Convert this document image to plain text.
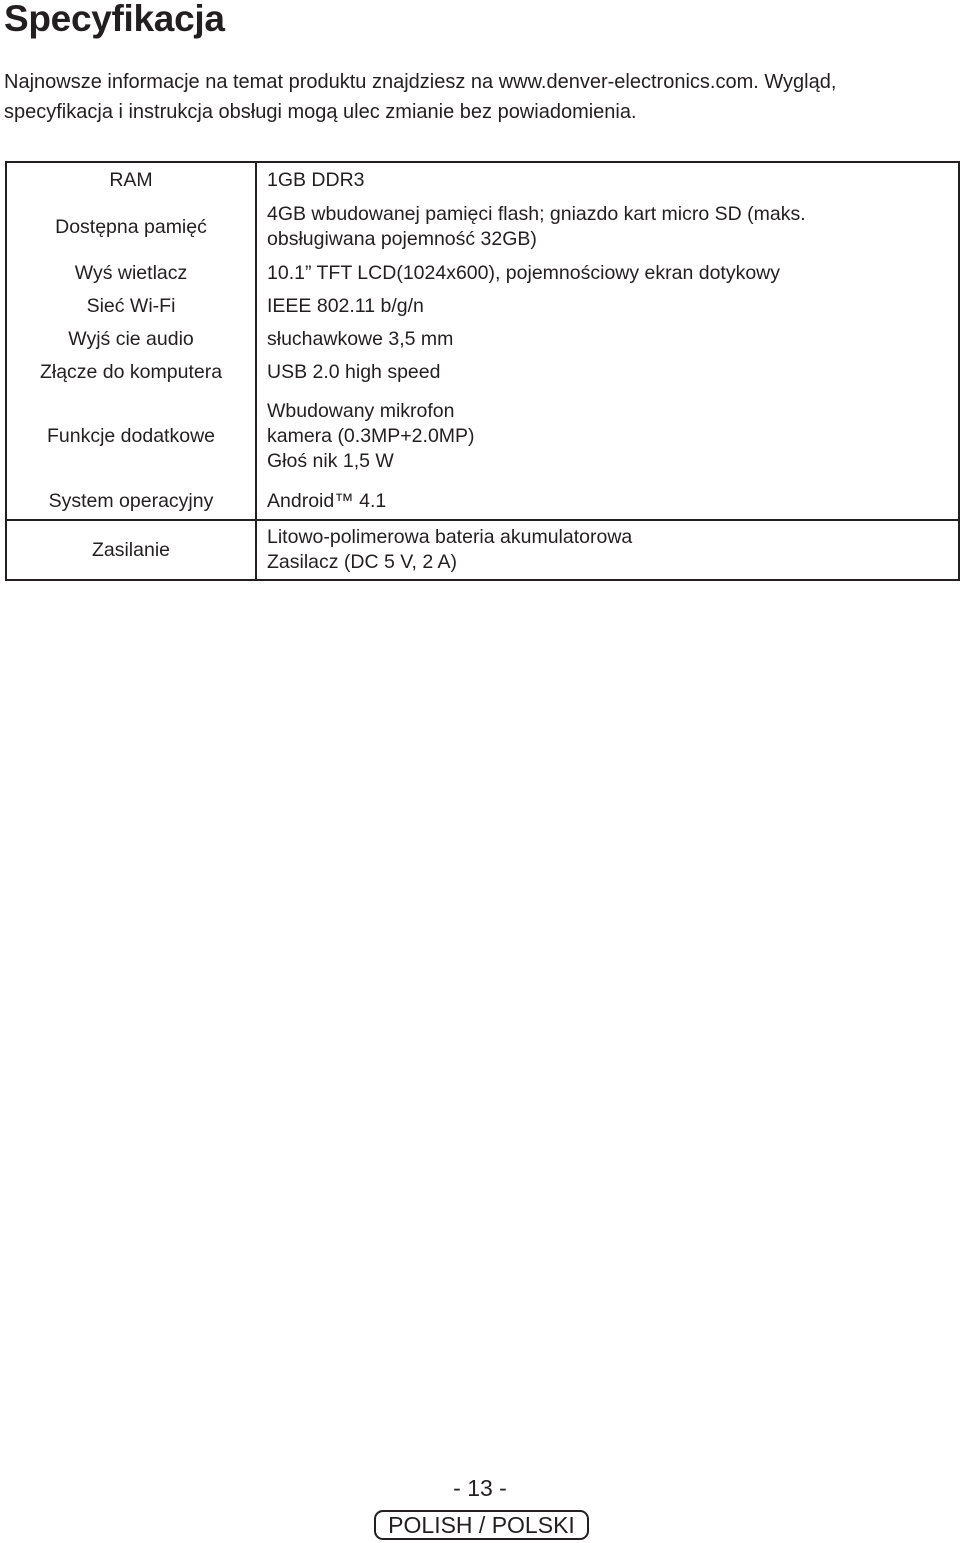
Specyfikacja

Najnowsze informacje na temat produktu znajdziesz na www.denver-electronics.com. Wygląd,
specyfikacja i instrukcja obsługi mogą ulec zmianie bez powiadomienia.

RAM	1GB DDR3

Dostępna pamięć	4GB wbudowanej pamięci flash; gniazdo kart micro SD (maks.
obsługiwana pojemność 32GB)

Wyś wietlacz	10.1” TFT LCD(1024x600), pojemnościowy ekran dotykowy

Sieć Wi-Fi	IEEE 802.11 b/g/n

Wyjś cie audio	słuchawkowe 3,5 mm

Złącze do komputera	USB 2.0 high speed

Funkcje dodatkowe	Wbudowany mikrofon
kamera (0.3MP+2.0MP)
Głoś nik 1,5 W

System operacyjny	Android™ 4.1

Zasilanie	Litowo-polimerowa bateria akumulatorowa
Zasilacz (DC 5 V, 2 A)
- 13 -
POLISH / POLSKI
